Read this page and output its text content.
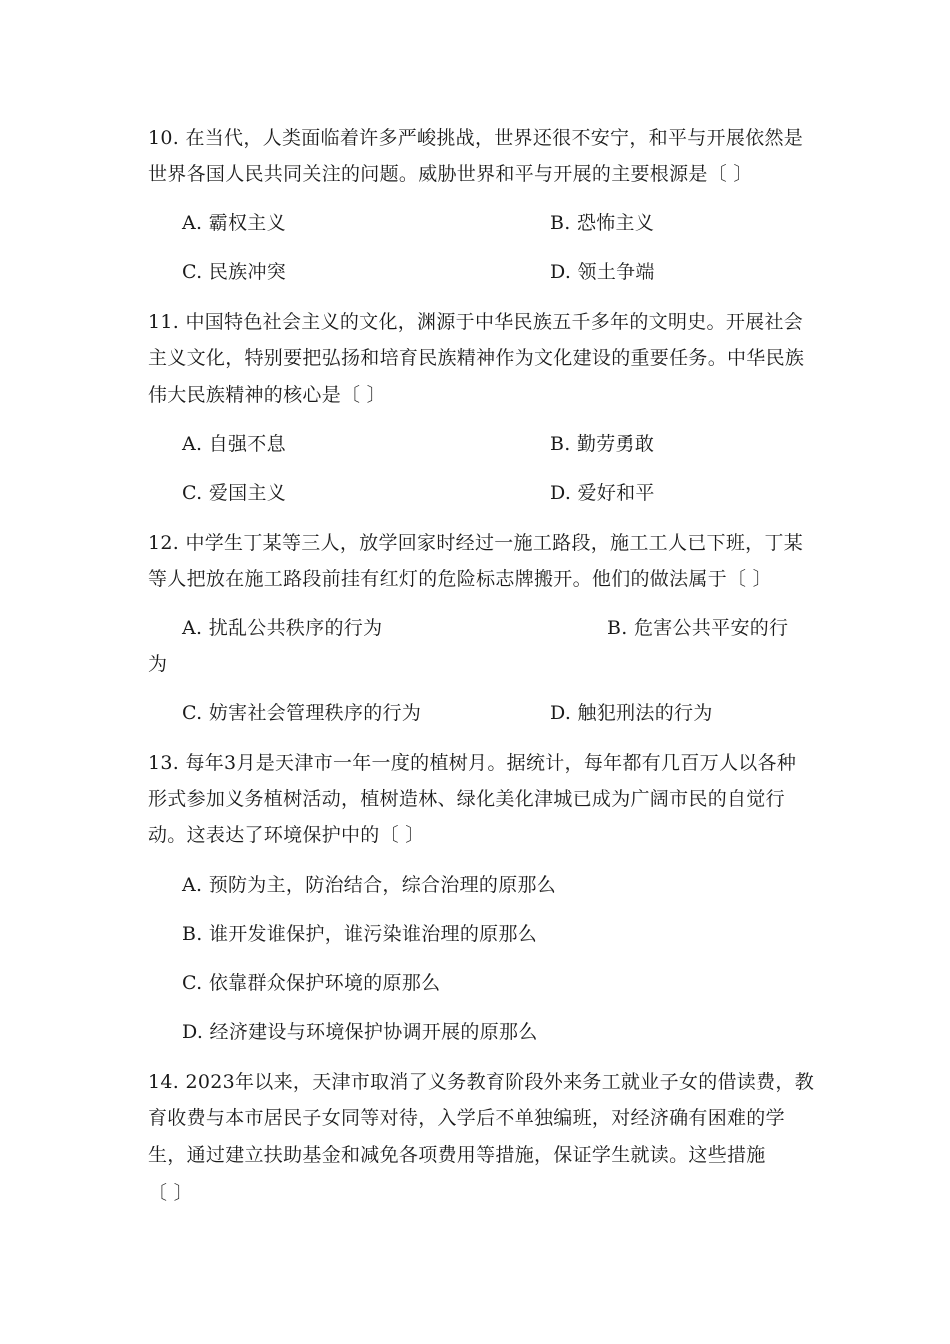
10. 在当代，人类面临着许多严峻挑战，世界还很不安宁，和平与开展依然是
世界各国人民共同关注的问题。威胁世界和平与开展的主要根源是〔 〕
A. 霸权主义	B. 恐怖主义
C. 民族冲突	D. 领土争端
11. 中国特色社会主义的文化，渊源于中华民族五千多年的文明史。开展社会
主义文化，特别要把弘扬和培育民族精神作为文化建设的重要任务。中华民族
伟大民族精神的核心是〔 〕
A. 自强不息	B. 勤劳勇敢
C. 爱国主义	D. 爱好和平
12. 中学生丁某等三人，放学回家时经过一施工路段，施工工人已下班，丁某
等人把放在施工路段前挂有红灯的危险标志牌搬开。他们的做法属于〔 〕
A. 扰乱公共秩序的行为	B. 危害公共平安的行
为
C. 妨害社会管理秩序的行为	D. 触犯刑法的行为
13. 每年3月是天津市一年一度的植树月。据统计，每年都有几百万人以各种
形式参加义务植树活动，植树造林、绿化美化津城已成为广阔市民的自觉行
动。这表达了环境保护中的〔 〕
A. 预防为主，防治结合，综合治理的原那么
B. 谁开发谁保护，谁污染谁治理的原那么
C. 依靠群众保护环境的原那么
D. 经济建设与环境保护协调开展的原那么
14. 2023年以来，天津市取消了义务教育阶段外来务工就业子女的借读费，教
育收费与本市居民子女同等对待，入学后不单独编班，对经济确有困难的学
生，通过建立扶助基金和减免各项费用等措施，保证学生就读。这些措施
〔 〕
